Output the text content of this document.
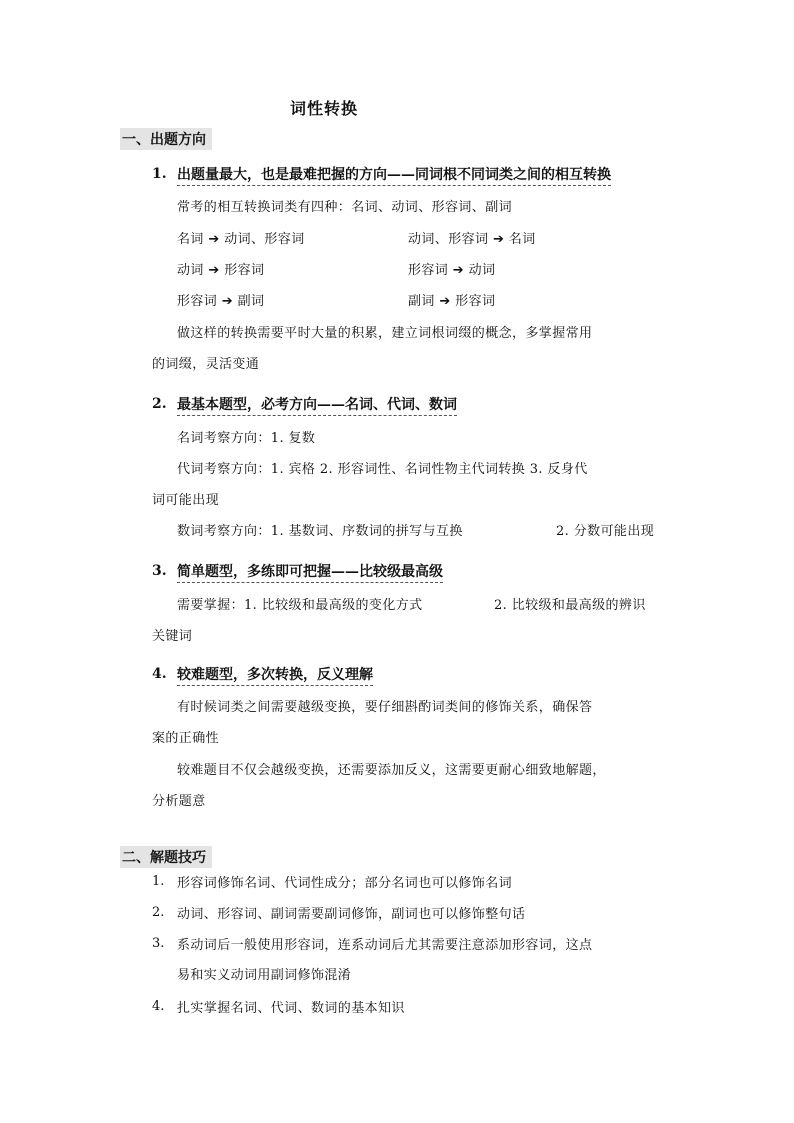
词性转换
一、出题方向
1. 出题量最大，也是最难把握的方向——同词根不同词类之间的相互转换
常考的相互转换词类有四种：名词、动词、形容词、副词
名词 ➔ 动词、形容词	动词、形容词 ➔ 名词
动词 ➔ 形容词	形容词 ➔ 动词
形容词 ➔ 副词	副词 ➔ 形容词
做这样的转换需要平时大量的积累，建立词根词缀的概念，多掌握常用
的词缀，灵活变通
2. 最基本题型，必考方向——名词、代词、数词
名词考察方向：1. 复数
代词考察方向：1. 宾格 2. 形容词性、名词性物主代词转换 3. 反身代
词可能出现
数词考察方向：1. 基数词、序数词的拼写与互换	2. 分数可能出现
3. 简单题型，多练即可把握——比较级最高级
需要掌握：1. 比较级和最高级的变化方式	2. 比较级和最高级的辨识
关键词
4. 较难题型，多次转换，反义理解
有时候词类之间需要越级变换，要仔细斟酌词类间的修饰关系，确保答
案的正确性
较难题目不仅会越级变换，还需要添加反义，这需要更耐心细致地解题，
分析题意
二、解题技巧
1. 形容词修饰名词、代词性成分；部分名词也可以修饰名词
2. 动词、形容词、副词需要副词修饰，副词也可以修饰整句话
3. 系动词后一般使用形容词，连系动词后尤其需要注意添加形容词，这点
易和实义动词用副词修饰混淆
4. 扎实掌握名词、代词、数词的基本知识
